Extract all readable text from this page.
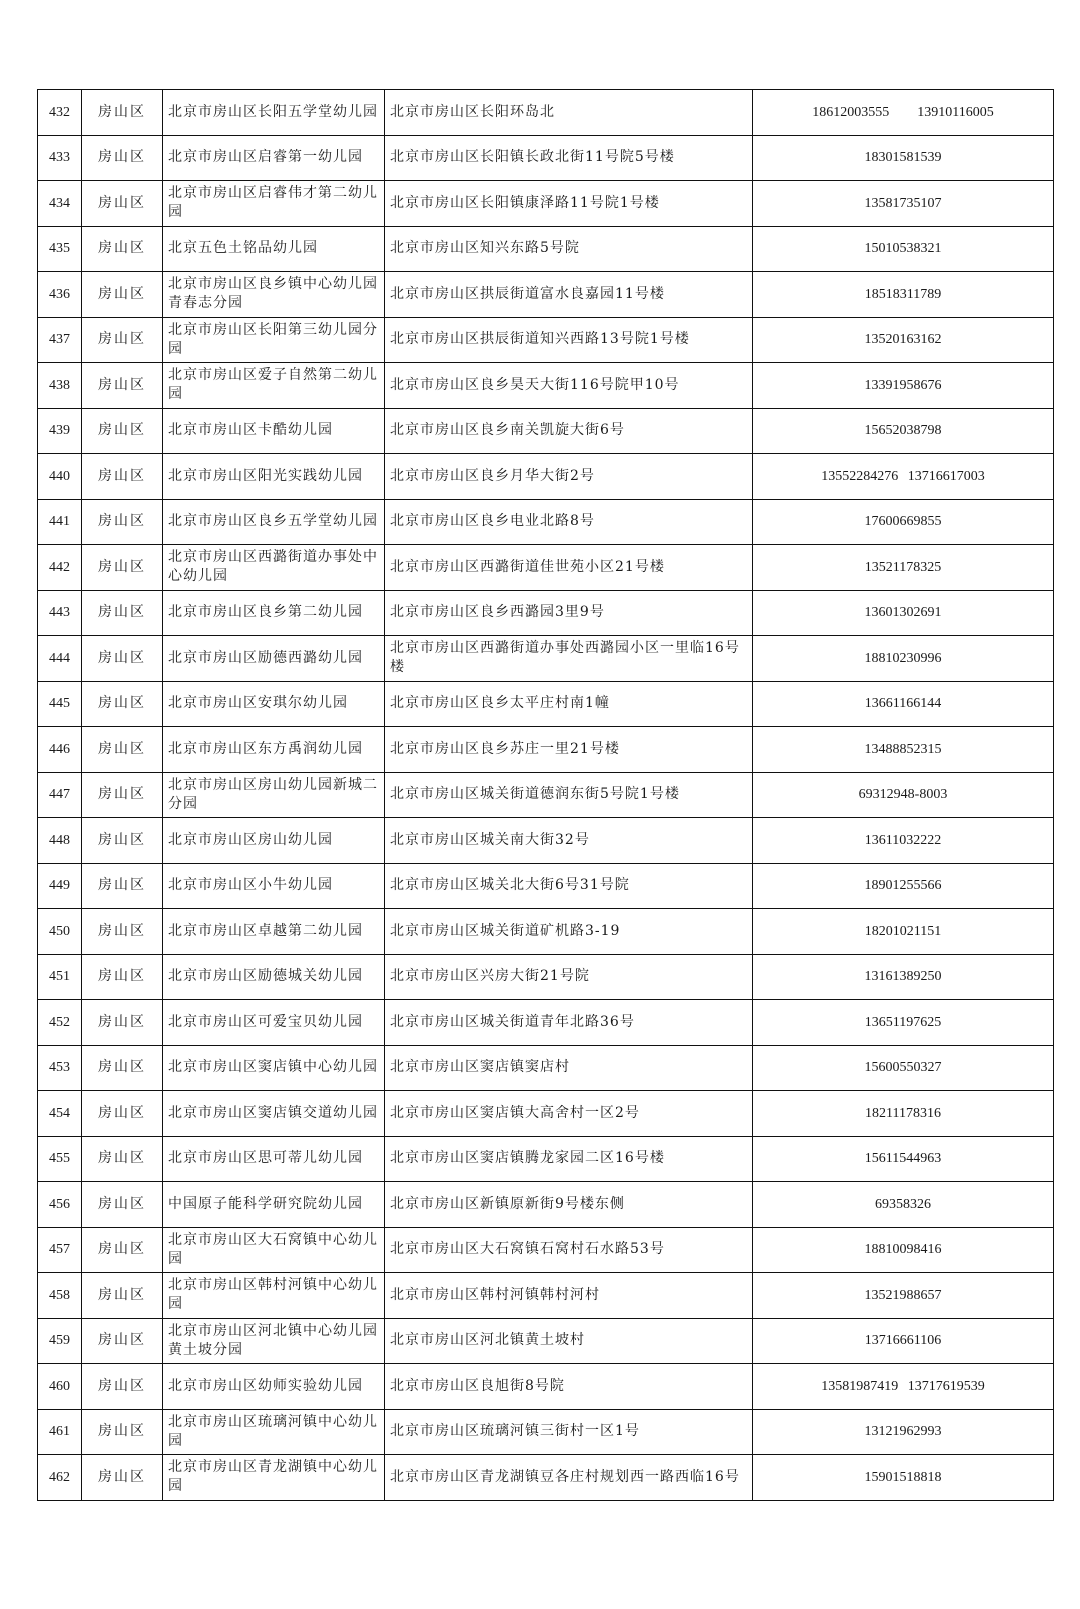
432	房山区	北京市房山区长阳五学堂幼儿园	北京市房山区长阳环岛北	18612003555　　13910116005
433	房山区	北京市房山区启睿第一幼儿园	北京市房山区长阳镇长政北街11号院5号楼	18301581539
434	房山区	北京市房山区启睿伟才第二幼儿园	北京市房山区长阳镇康泽路11号院1号楼	13581735107
435	房山区	北京五色土铭品幼儿园	北京市房山区知兴东路5号院	15010538321
436	房山区	北京市房山区良乡镇中心幼儿园青春志分园	北京市房山区拱辰街道富水良嘉园11号楼	18518311789
437	房山区	北京市房山区长阳第三幼儿园分园	北京市房山区拱辰街道知兴西路13号院1号楼	13520163162
438	房山区	北京市房山区爱子自然第二幼儿园	北京市房山区良乡昊天大街116号院甲10号	13391958676
439	房山区	北京市房山区卡酷幼儿园	北京市房山区良乡南关凯旋大街6号	15652038798
440	房山区	北京市房山区阳光实践幼儿园	北京市房山区良乡月华大街2号	13552284276 13716617003
441	房山区	北京市房山区良乡五学堂幼儿园	北京市房山区良乡电业北路8号	17600669855
442	房山区	北京市房山区西潞街道办事处中心幼儿园	北京市房山区西潞街道佳世苑小区21号楼	13521178325
443	房山区	北京市房山区良乡第二幼儿园	北京市房山区良乡西潞园3里9号	13601302691
444	房山区	北京市房山区励德西潞幼儿园	北京市房山区西潞街道办事处西潞园小区一里临16号楼	18810230996
445	房山区	北京市房山区安琪尔幼儿园	北京市房山区良乡太平庄村南1幢	13661166144
446	房山区	北京市房山区东方禹润幼儿园	北京市房山区良乡苏庄一里21号楼	13488852315
447	房山区	北京市房山区房山幼儿园新城二分园	北京市房山区城关街道德润东街5号院1号楼	69312948-8003
448	房山区	北京市房山区房山幼儿园	北京市房山区城关南大街32号	13611032222
449	房山区	北京市房山区小牛幼儿园	北京市房山区城关北大街6号31号院	18901255566
450	房山区	北京市房山区卓越第二幼儿园	北京市房山区城关街道矿机路3-19	18201021151
451	房山区	北京市房山区励德城关幼儿园	北京市房山区兴房大街21号院	13161389250
452	房山区	北京市房山区可爱宝贝幼儿园	北京市房山区城关街道青年北路36号	13651197625
453	房山区	北京市房山区窦店镇中心幼儿园	北京市房山区窦店镇窦店村	15600550327
454	房山区	北京市房山区窦店镇交道幼儿园	北京市房山区窦店镇大高舍村一区2号	18211178316
455	房山区	北京市房山区思可蒂儿幼儿园	北京市房山区窦店镇腾龙家园二区16号楼	15611544963
456	房山区	中国原子能科学研究院幼儿园	北京市房山区新镇原新街9号楼东侧	69358326
457	房山区	北京市房山区大石窝镇中心幼儿园	北京市房山区大石窝镇石窝村石水路53号	18810098416
458	房山区	北京市房山区韩村河镇中心幼儿园	北京市房山区韩村河镇韩村河村	13521988657
459	房山区	北京市房山区河北镇中心幼儿园黄土坡分园	北京市房山区河北镇黄土坡村	13716661106
460	房山区	北京市房山区幼师实验幼儿园	北京市房山区良旭街8号院	13581987419 13717619539
461	房山区	北京市房山区琉璃河镇中心幼儿园	北京市房山区琉璃河镇三街村一区1号	13121962993
462	房山区	北京市房山区青龙湖镇中心幼儿园	北京市房山区青龙湖镇豆各庄村规划西一路西临16号	15901518818
